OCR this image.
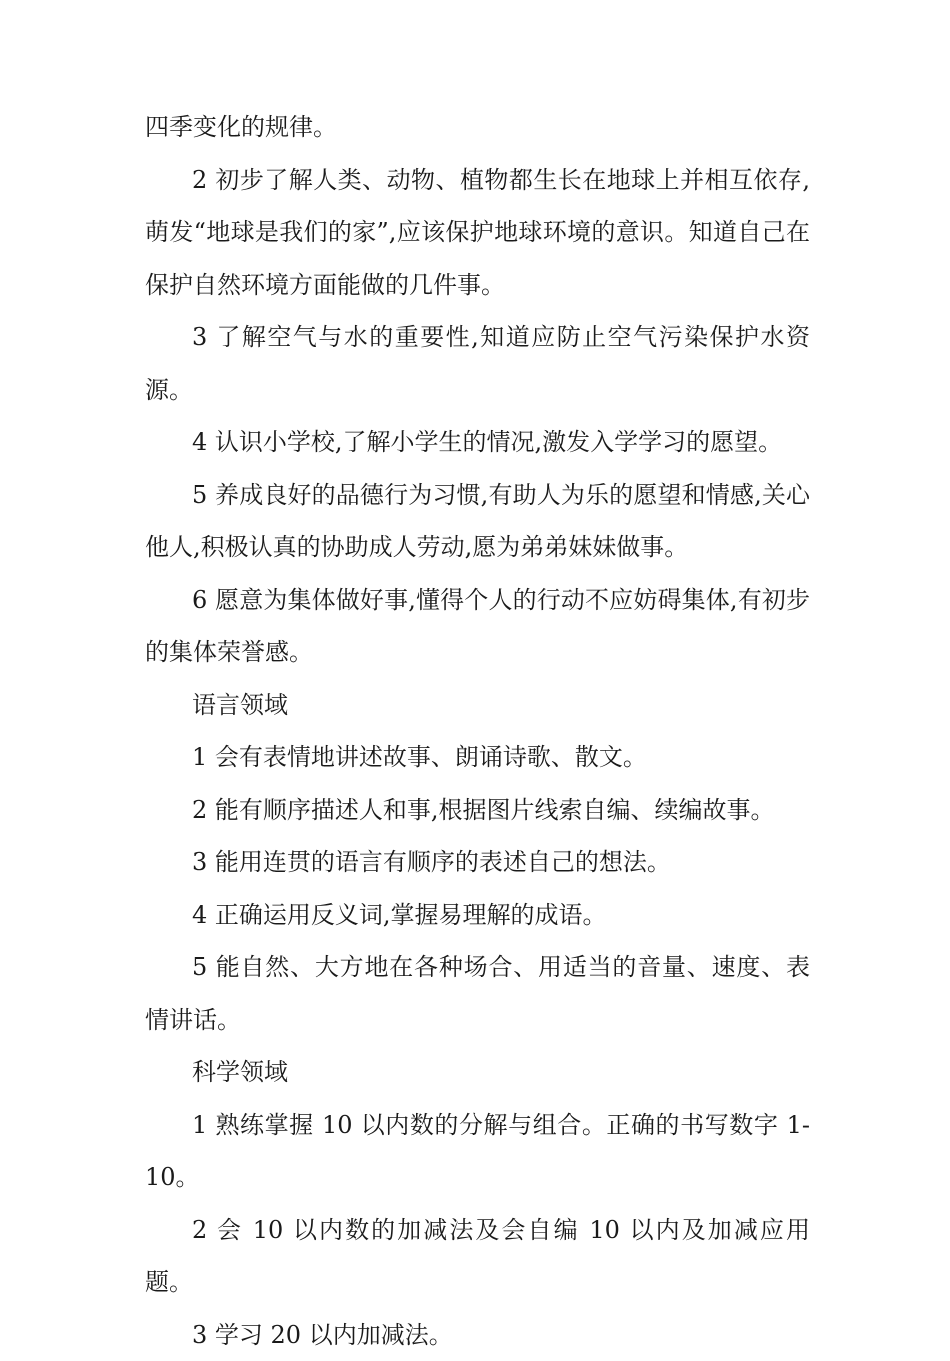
四季变化的规律。

2 初步了解人类、动物、植物都生长在地球上并相互依存,萌发“地球是我们的家”,应该保护地球环境的意识。知道自己在保护自然环境方面能做的几件事。

3 了解空气与水的重要性,知道应防止空气污染保护水资源。

4 认识小学校,了解小学生的情况,激发入学学习的愿望。

5 养成良好的品德行为习惯,有助人为乐的愿望和情感,关心他人,积极认真的协助成人劳动,愿为弟弟妹妹做事。

6 愿意为集体做好事,懂得个人的行动不应妨碍集体,有初步的集体荣誉感。

语言领域

1 会有表情地讲述故事、朗诵诗歌、散文。

2 能有顺序描述人和事,根据图片线索自编、续编故事。

3 能用连贯的语言有顺序的表述自己的想法。

4 正确运用反义词,掌握易理解的成语。

5 能自然、大方地在各种场合、用适当的音量、速度、表情讲话。

科学领域

1 熟练掌握 10 以内数的分解与组合。正确的书写数字 1-10。

2 会 10 以内数的加减法及会自编 10 以内及加减应用题。

3 学习 20 以内加减法。
